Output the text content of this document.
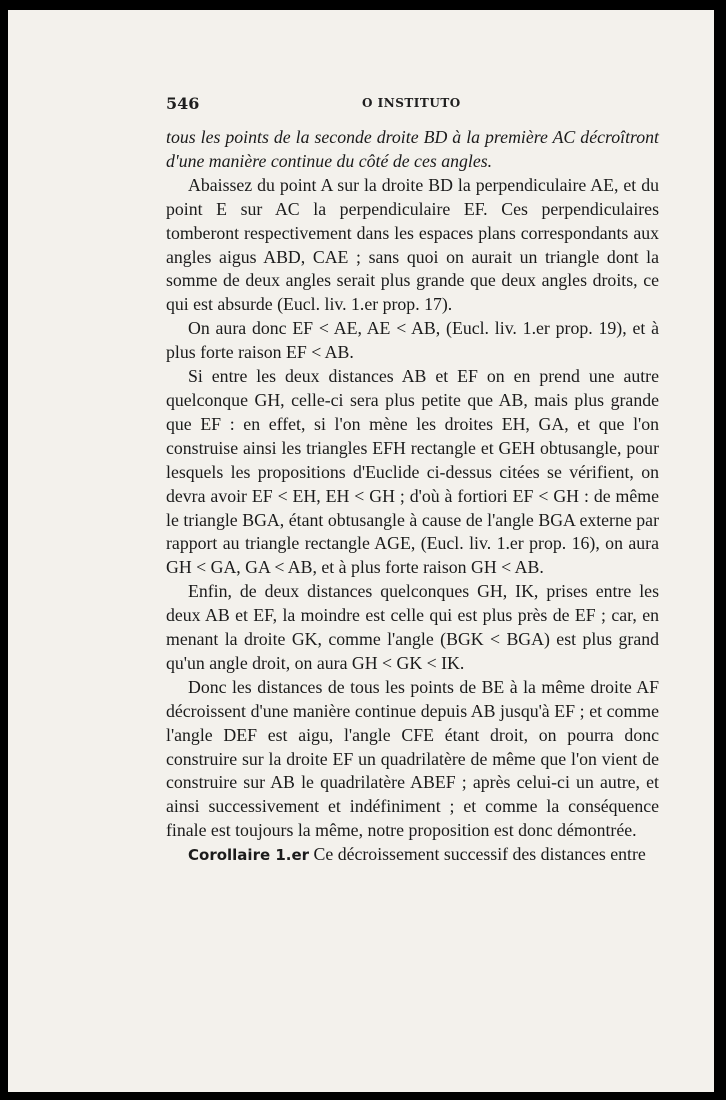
546	O INSTITUTO

tous les points de la seconde droite BD à la première AC décroîtront d'une manière continue du côté de ces angles.

Abaissez du point A sur la droite BD la perpendiculaire AE, et du point E sur AC la perpendiculaire EF. Ces perpendiculaires tomberont respectivement dans les espaces plans correspondants aux angles aigus ABD, CAE ; sans quoi on aurait un triangle dont la somme de deux angles serait plus grande que deux angles droits, ce qui est absurde (Eucl. liv. 1.er prop. 17).

On aura donc EF < AE, AE < AB, (Eucl. liv. 1.er prop. 19), et à plus forte raison EF < AB.

Si entre les deux distances AB et EF on en prend une autre quelconque GH, celle-ci sera plus petite que AB, mais plus grande que EF : en effet, si l'on mène les droites EH, GA, et que l'on construise ainsi les triangles EFH rectangle et GEH obtusangle, pour lesquels les propositions d'Euclide ci-dessus citées se vérifient, on devra avoir EF < EH, EH < GH ; d'où à fortiori EF < GH : de même le triangle BGA, étant obtusangle à cause de l'angle BGA externe par rapport au triangle rectangle AGE, (Eucl. liv. 1.er prop. 16), on aura GH < GA, GA < AB, et à plus forte raison GH < AB.

Enfin, de deux distances quelconques GH, IK, prises entre les deux AB et EF, la moindre est celle qui est plus près de EF ; car, en menant la droite GK, comme l'angle (BGK < BGA) est plus grand qu'un angle droit, on aura GH < GK < IK.

Donc les distances de tous les points de BE à la même droite AF décroissent d'une manière continue depuis AB jusqu'à EF ; et comme l'angle DEF est aigu, l'angle CFE étant droit, on pourra donc construire sur la droite EF un quadrilatère de même que l'on vient de construire sur AB le quadrilatère ABEF ; après celui-ci un autre, et ainsi successivement et indéfiniment ; et comme la conséquence finale est toujours la même, notre proposition est donc démontrée.

Corollaire 1.er Ce décroissement successif des distances entre
